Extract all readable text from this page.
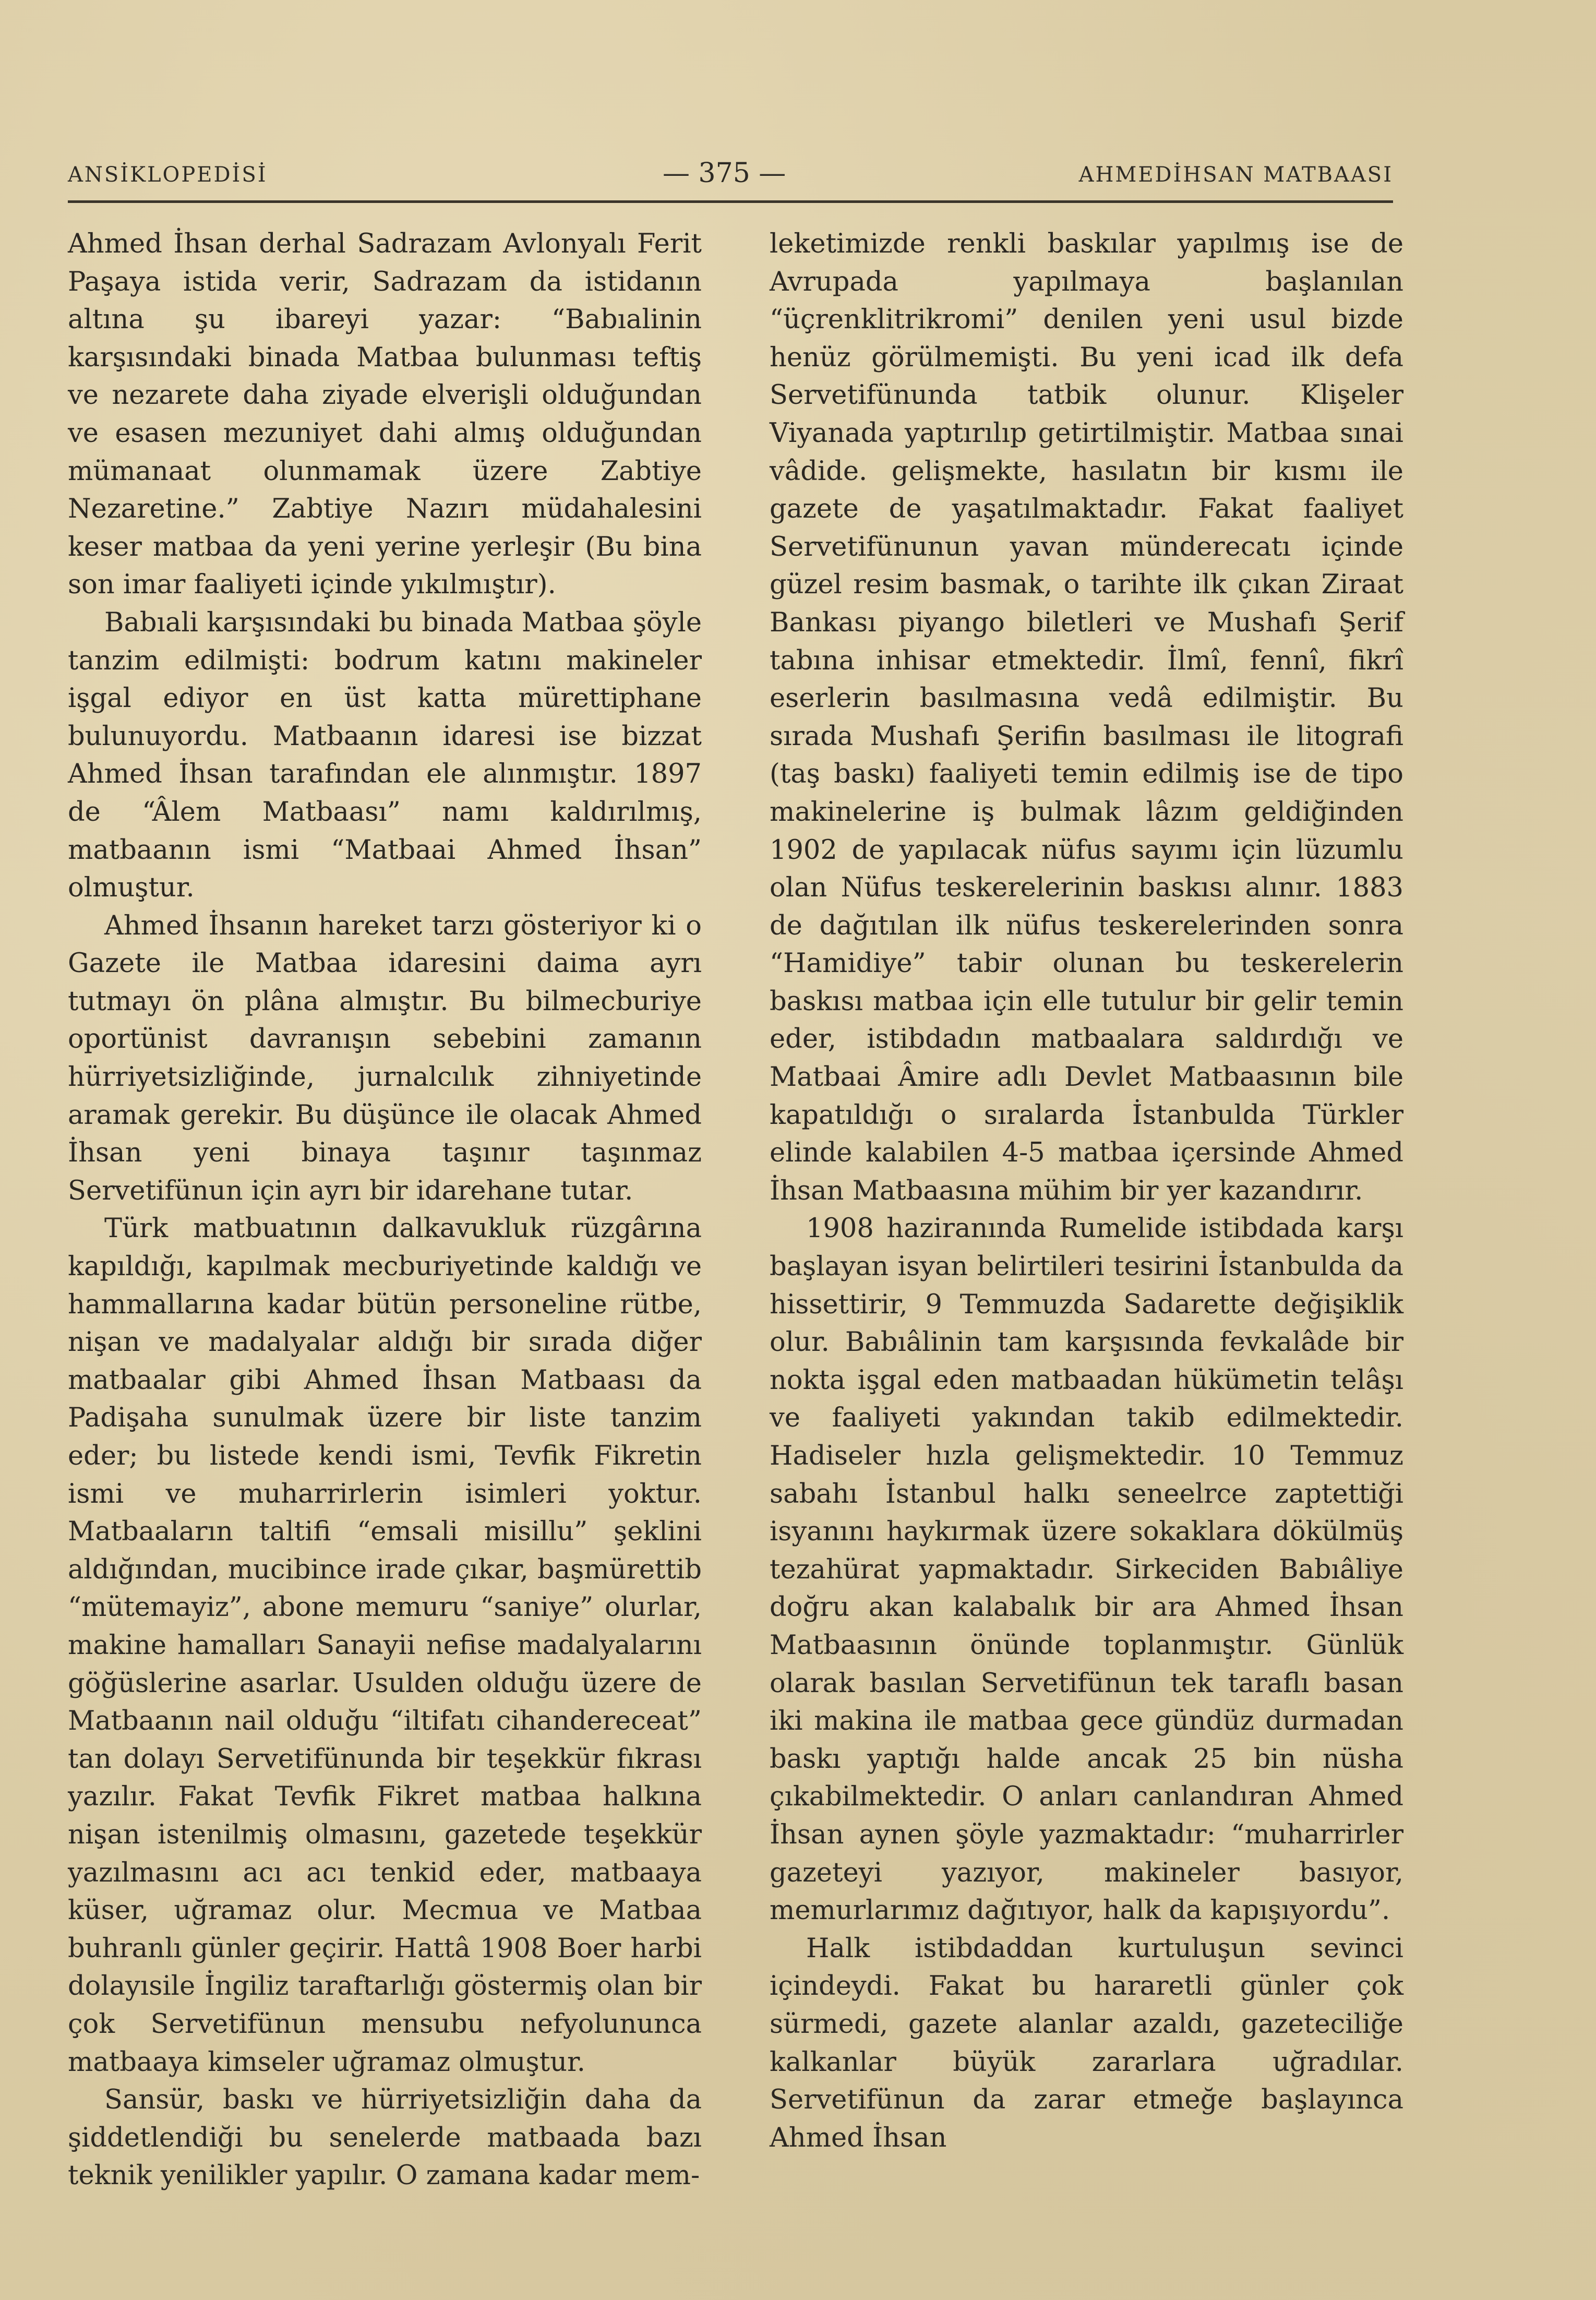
ANSİKLOPEDİSİ	— 375 —	AHMEDİHSAN MATBAASI

Ahmed İhsan derhal Sadrazam Avlonyalı Ferit Paşaya istida verir, Sadrazam da istidanın altına şu ibareyi yazar: “Babıalinin karşısındaki binada Matbaa bulunması teftiş ve nezarete daha ziyade elverişli olduğundan ve esasen mezuniyet dahi almış olduğundan mümanaat olunmamak üzere Zabtiye Nezaretine.” Zabtiye Nazırı müdahalesini keser matbaa da yeni yerine yerleşir (Bu bina son imar faaliyeti içinde yıkılmıştır).

Babıali karşısındaki bu binada Matbaa şöyle tanzim edilmişti: bodrum katını makineler işgal ediyor en üst katta mürettiphane bulunuyordu. Matbaanın idaresi ise bizzat Ahmed İhsan tarafından ele alınmıştır. 1897 de “Âlem Matbaası” namı kaldırılmış, matbaanın ismi “Matbaai Ahmed İhsan” olmuştur.

Ahmed İhsanın hareket tarzı gösteriyor ki o Gazete ile Matbaa idaresini daima ayrı tutmayı ön plâna almıştır. Bu bilmecburiye oportünist davranışın sebebini zamanın hürriyetsizliğinde, jurnalcılık zihniyetinde aramak gerekir. Bu düşünce ile olacak Ahmed İhsan yeni binaya taşınır taşınmaz Servetifünun için ayrı bir idarehane tutar.

Türk matbuatının dalkavukluk rüzgârına kapıldığı, kapılmak mecburiyetinde kaldığı ve hammallarına kadar bütün personeline rütbe, nişan ve madalyalar aldığı bir sırada diğer matbaalar gibi Ahmed İhsan Matbaası da Padişaha sunulmak üzere bir liste tanzim eder; bu listede kendi ismi, Tevfik Fikretin ismi ve muharrirlerin isimleri yoktur. Matbaaların taltifi “emsali misillu” şeklini aldığından, mucibince irade çıkar, başmürettib “mütemayiz”, abone memuru “saniye” olurlar, makine hamalları Sanayii nefise madalyalarını göğüslerine asarlar. Usulden olduğu üzere de Matbaanın nail olduğu “iltifatı cihandereceat” tan dolayı Servetifünunda bir teşekkür fıkrası yazılır. Fakat Tevfik Fikret matbaa halkına nişan istenilmiş olmasını, gazetede teşekkür yazılmasını acı acı tenkid eder, matbaaya küser, uğramaz olur. Mecmua ve Matbaa buhranlı günler geçirir. Hattâ 1908 Boer harbi dolayısile İngiliz taraftarlığı göstermiş olan bir çok Servetifünun mensubu nefyolununca matbaaya kimseler uğramaz olmuştur.

Sansür, baskı ve hürriyetsizliğin daha da şiddetlendiği bu senelerde matbaada bazı teknik yenilikler yapılır. O zamana kadar mem-

leketimizde renkli baskılar yapılmış ise de Avrupada yapılmaya başlanılan “üçrenklitrikromi” denilen yeni usul bizde henüz görülmemişti. Bu yeni icad ilk defa Servetifünunda tatbik olunur. Klişeler Viyanada yaptırılıp getirtilmiştir. Matbaa sınai vâdide. gelişmekte, hasılatın bir kısmı ile gazete de yaşatılmaktadır. Fakat faaliyet Servetifünunun yavan münderecatı içinde güzel resim basmak, o tarihte ilk çıkan Ziraat Bankası piyango biletleri ve Mushafı Şerif tabına inhisar etmektedir. İlmî, fennî, fikrî eserlerin basılmasına vedâ edilmiştir. Bu sırada Mushafı Şerifin basılması ile litografi (taş baskı) faaliyeti temin edilmiş ise de tipo makinelerine iş bulmak lâzım geldiğinden 1902 de yapılacak nüfus sayımı için lüzumlu olan Nüfus teskerelerinin baskısı alınır. 1883 de dağıtılan ilk nüfus teskerelerinden sonra “Hamidiye” tabir olunan bu teskerelerin baskısı matbaa için elle tutulur bir gelir temin eder, istibdadın matbaalara saldırdığı ve Matbaai Âmire adlı Devlet Matbaasının bile kapatıldığı o sıralarda İstanbulda Türkler elinde kalabilen 4-5 matbaa içersinde Ahmed İhsan Matbaasına mühim bir yer kazandırır.

1908 haziranında Rumelide istibdada karşı başlayan isyan belirtileri tesirini İstanbulda da hissettirir, 9 Temmuzda Sadarette değişiklik olur. Babıâlinin tam karşısında fevkalâde bir nokta işgal eden matbaadan hükümetin telâşı ve faaliyeti yakından takib edilmektedir. Hadiseler hızla gelişmektedir. 10 Temmuz sabahı İstanbul halkı seneelrce zaptettiği isyanını haykırmak üzere sokaklara dökülmüş tezahürat yapmaktadır. Sirkeciden Babıâliye doğru akan kalabalık bir ara Ahmed İhsan Matbaasının önünde toplanmıştır. Günlük olarak basılan Servetifünun tek taraflı basan iki makina ile matbaa gece gündüz durmadan baskı yaptığı halde ancak 25 bin nüsha çıkabilmektedir. O anları canlandıran Ahmed İhsan aynen şöyle yazmaktadır: “muharrirler gazeteyi yazıyor, makineler basıyor, memurlarımız dağıtıyor, halk da kapışıyordu”.

Halk istibdaddan kurtuluşun sevinci içindeydi. Fakat bu hararetli günler çok sürmedi, gazete alanlar azaldı, gazeteciliğe kalkanlar büyük zararlara uğradılar. Servetifünun da zarar etmeğe başlayınca Ahmed İhsan
